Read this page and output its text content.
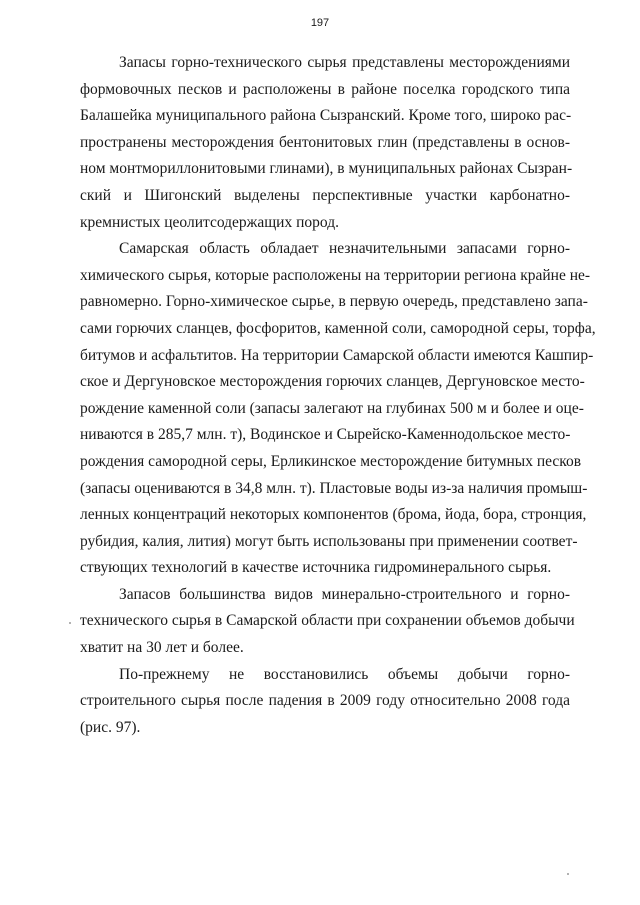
197

Запасы горно-технического сырья представлены месторождениями
формовочных песков и расположены в районе поселка городского типа
Балашейка муниципального района Сызранский. Кроме того, широко рас-
пространены месторождения бентонитовых глин (представлены в основ-
ном монтмориллонитовыми глинами), в муниципальных районах Сызран-
ский и Шигонский выделены перспективные участки карбонатно-
кремнистых цеолитсодержащих пород.

Самарская область обладает незначительными запасами горно-
химического сырья, которые расположены на территории региона крайне не-
равномерно. Горно-химическое сырье, в первую очередь, представлено запа-
сами горючих сланцев, фосфоритов, каменной соли, самородной серы, торфа,
битумов и асфальтитов. На территории Самарской области имеются Кашпир-
ское и Дергуновское месторождения горючих сланцев, Дергуновское место-
рождение каменной соли (запасы залегают на глубинах 500 м и более и оце-
ниваются в 285,7 млн. т), Водинское и Сырейско-Каменнодольское место-
рождения самородной серы, Ерликинское месторождение битумных песков
(запасы оцениваются в 34,8 млн. т). Пластовые воды из-за наличия промыш-
ленных концентраций некоторых компонентов (брома, йода, бора, стронция,
рубидия, калия, лития) могут быть использованы при применении соответ-
ствующих технологий в качестве источника гидроминерального сырья.

Запасов большинства видов минерально-строительного и горно-
технического сырья в Самарской области при сохранении объемов добычи
хватит на 30 лет и более.

По-прежнему не восстановились объемы добычи горно-
строительного сырья после падения в 2009 году относительно 2008 года
(рис. 97).
